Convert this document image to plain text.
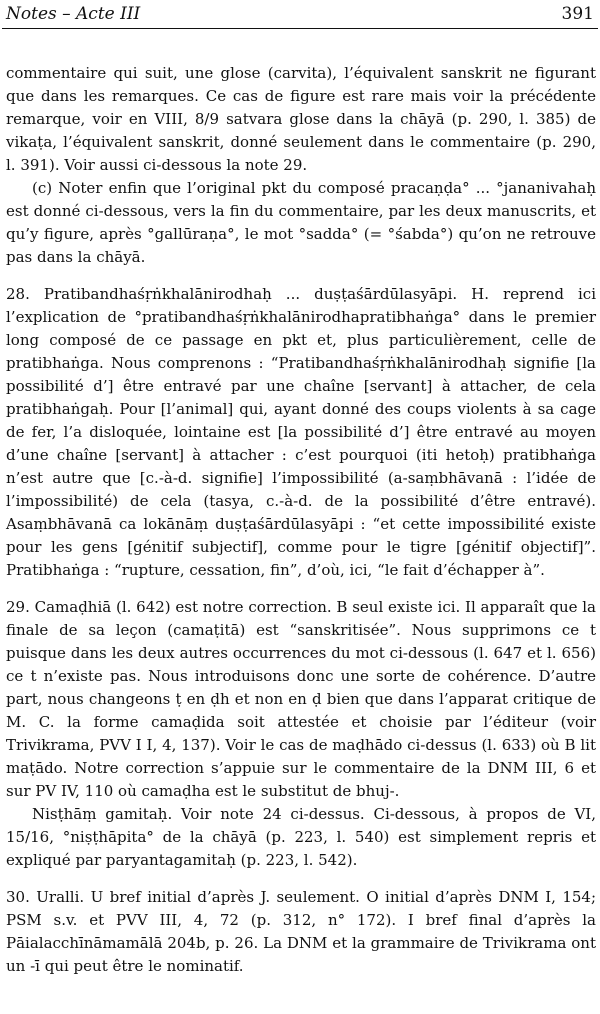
Notes – Acte III	391

commentaire qui suit, une glose (carvita), l’équivalent sanskrit ne figurant que dans les remarques. Ce cas de figure est rare mais voir la précédente remarque, voir en VIII, 8/9 satvara glose dans la chāyā (p. 290, l. 385) de vikaṭa, l’équivalent sanskrit, donné seulement dans le commentaire (p. 290, l. 391). Voir aussi ci-dessous la note 29.

(c) Noter enfin que l’original pkt du composé pracaṇḍa° ... °jananivahaḥ est donné ci-dessous, vers la fin du commentaire, par les deux manuscrits, et qu’y figure, après °gallūraṇa°, le mot °sadda° (= °śabda°) qu’on ne retrouve pas dans la chāyā.

28. Pratibandhaśṛṅkhalānirodhaḥ ... duṣṭaśārdūlasyāpi. H. reprend ici l’explication de °pratibandhaśṛṅkhalānirodhapratibhaṅga° dans le premier long composé de ce passage en pkt et, plus particulièrement, celle de pratibhaṅga. Nous comprenons : “Pratibandhaśṛṅkhalānirodhaḥ signifie [la possibilité d’] être entravé par une chaîne [servant] à attacher, de cela pratibhaṅgaḥ. Pour [l’animal] qui, ayant donné des coups violents à sa cage de fer, l’a disloquée, lointaine est [la possibilité d’] être entravé au moyen d’une chaîne [servant] à attacher : c’est pourquoi (iti hetoḥ) pratibhaṅga n’est autre que [c.-à-d. signifie] l’impossibilité (a-saṃbhāvanā : l’idée de l’impossibilité) de cela (tasya, c.-à-d. de la possibilité d’être entravé). Asaṃbhāvanā ca lokānāṃ duṣṭaśārdūlasyāpi : “et cette impossibilité existe pour les gens [génitif subjectif], comme pour le tigre [génitif objectif]”. Pratibhaṅga : “rupture, cessation, fin”, d’où, ici, “le fait d’échapper à”.

29. Camaḍhiā (l. 642) est notre correction. B seul existe ici. Il apparaît que la finale de sa leçon (camaṭitā) est “sanskritisée”. Nous supprimons ce t puisque dans les deux autres occurrences du mot ci-dessous (l. 647 et l. 656) ce t n’existe pas. Nous introduisons donc une sorte de cohérence. D’autre part, nous changeons ṭ en ḍh et non en ḍ bien que dans l’apparat critique de M. C. la forme camaḍida soit attestée et choisie par l’éditeur (voir Trivikrama, PVV I I, 4, 137). Voir le cas de maḍhādo ci-dessus (l. 633) où B lit maṭādo. Notre correction s’appuie sur le commentaire de la DNM III, 6 et sur PV IV, 110 où camaḍha est le substitut de bhuj-.

Nisṭhāṃ gamitaḥ. Voir note 24 ci-dessus. Ci-dessous, à propos de VI, 15/16, °niṣṭhāpita° de la chāyā (p. 223, l. 540) est simplement repris et expliqué par paryantagamitaḥ (p. 223, l. 542).

30. Uralli. U bref initial d’après J. seulement. O initial d’après DNM I, 154; PSM s.v. et PVV III, 4, 72 (p. 312, n° 172). I bref final d’après la Pāialacchīnāmamālā 204b, p. 26. La DNM et la grammaire de Trivikrama ont un -ī qui peut être le nominatif.
